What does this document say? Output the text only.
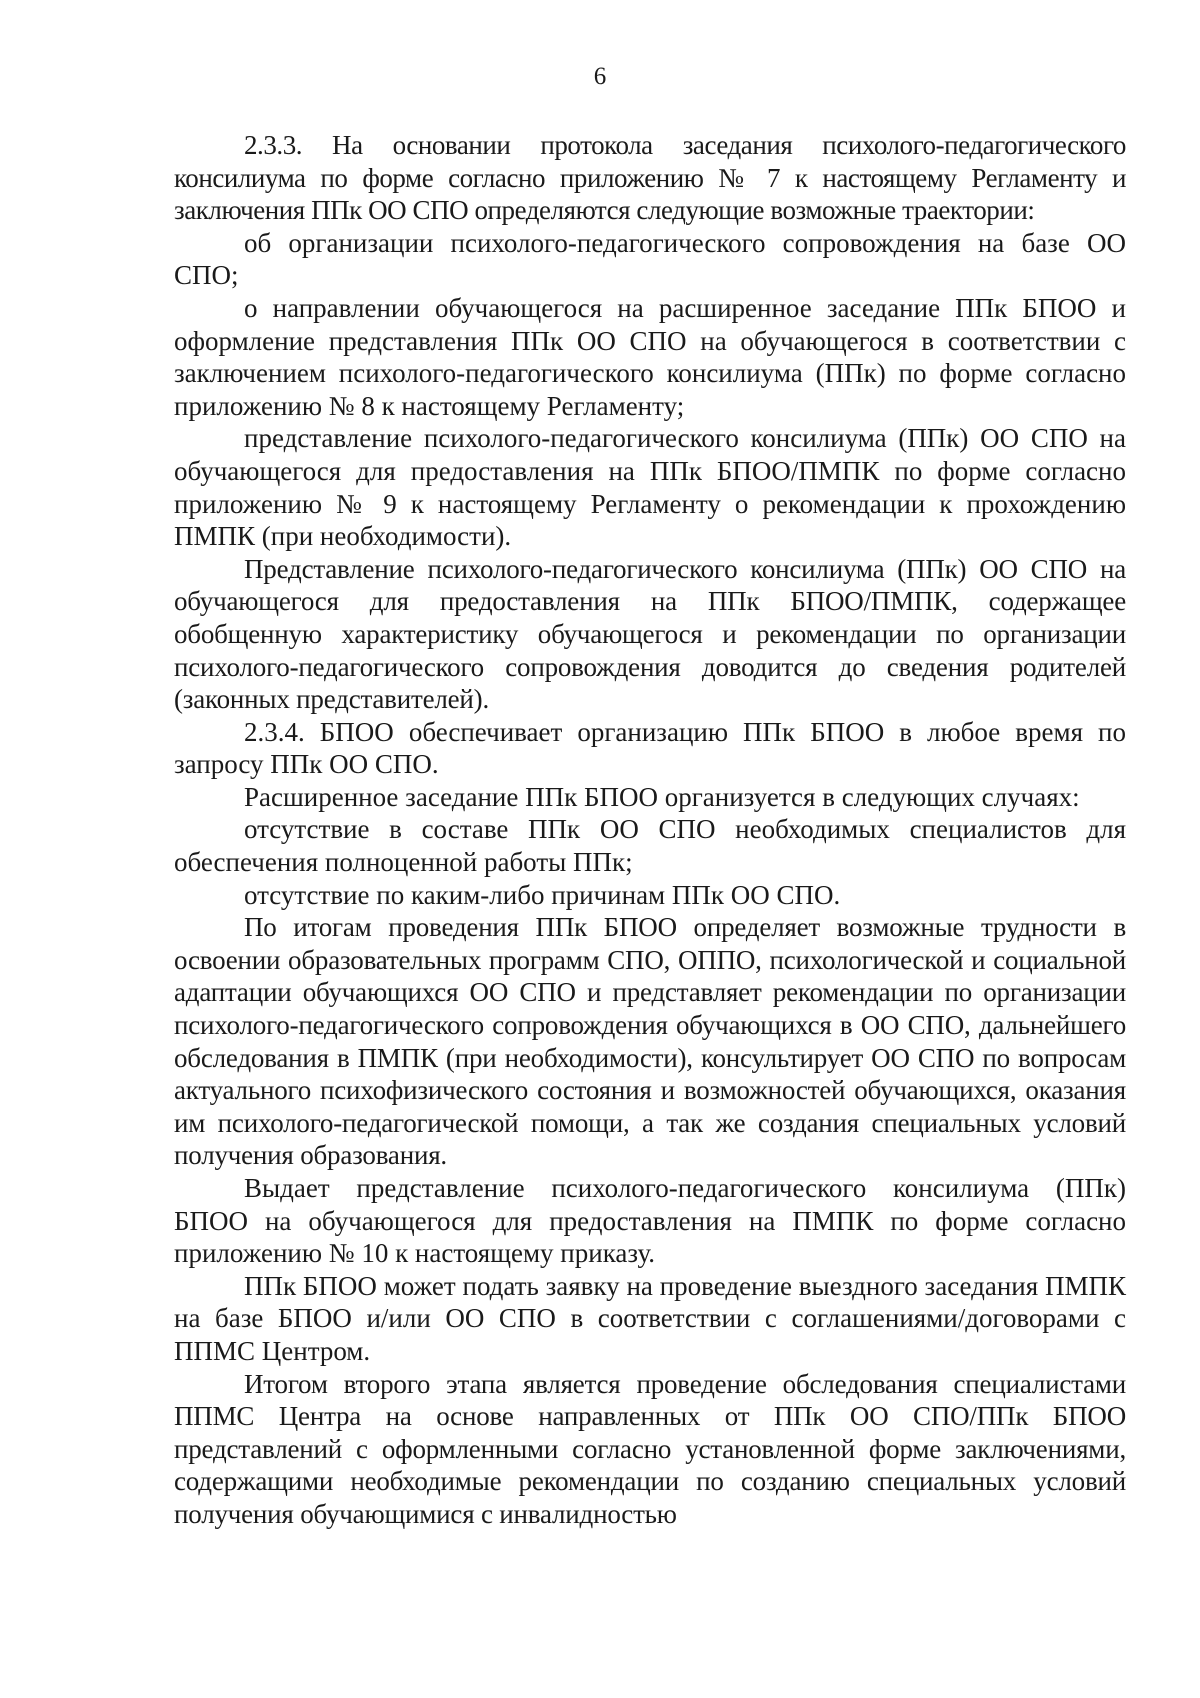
6

2.3.3. На основании протокола заседания психолого-педагогического консилиума по форме согласно приложению № 7 к настоящему Регламенту и заключения ППк ОО СПО определяются следующие возможные траектории:

об организации психолого-педагогического сопровождения на базе ОО СПО;

о направлении обучающегося на расширенное заседание ППк БПОО и оформление представления ППк ОО СПО на обучающегося в соответствии с заключением психолого-педагогического консилиума (ППк) по форме согласно приложению № 8 к настоящему Регламенту;

представление психолого-педагогического консилиума (ППк) ОО СПО на обучающегося для предоставления на ППк БПОО/ПМПК по форме согласно приложению № 9 к настоящему Регламенту о рекомендации к прохождению ПМПК (при необходимости).

Представление психолого-педагогического консилиума (ППк) ОО СПО на обучающегося для предоставления на ППк БПОО/ПМПК, содержащее обобщенную характеристику обучающегося и рекомендации по организации психолого-педагогического сопровождения доводится до сведения родителей (законных представителей).

2.3.4. БПОО обеспечивает организацию ППк БПОО в любое время по запросу ППк ОО СПО.

Расширенное заседание ППк БПОО организуется в следующих случаях:

отсутствие в составе ППк ОО СПО необходимых специалистов для обеспечения полноценной работы ППк;

отсутствие по каким-либо причинам ППк ОО СПО.

По итогам проведения ППк БПОО определяет возможные трудности в освоении образовательных программ СПО, ОППО, психологической и социальной адаптации обучающихся ОО СПО и представляет рекомендации по организации психолого-педагогического сопровождения обучающихся в ОО СПО, дальнейшего обследования в ПМПК (при необходимости), консультирует ОО СПО по вопросам актуального психофизического состояния и возможностей обучающихся, оказания им психолого-педагогической помощи, а так же создания специальных условий получения образования.

Выдает представление психолого-педагогического консилиума (ППк) БПОО на обучающегося для предоставления на ПМПК по форме согласно приложению № 10 к настоящему приказу.

ППк БПОО может подать заявку на проведение выездного заседания ПМПК на базе БПОО и/или ОО СПО в соответствии с соглашениями/договорами с ППМС Центром.

Итогом второго этапа является проведение обследования специалистами ППМС Центра на основе направленных от ППк ОО СПО/ППк БПОО представлений с оформленными согласно установленной форме заключениями, содержащими необходимые рекомендации по созданию специальных условий получения обучающимися с инвалидностью
